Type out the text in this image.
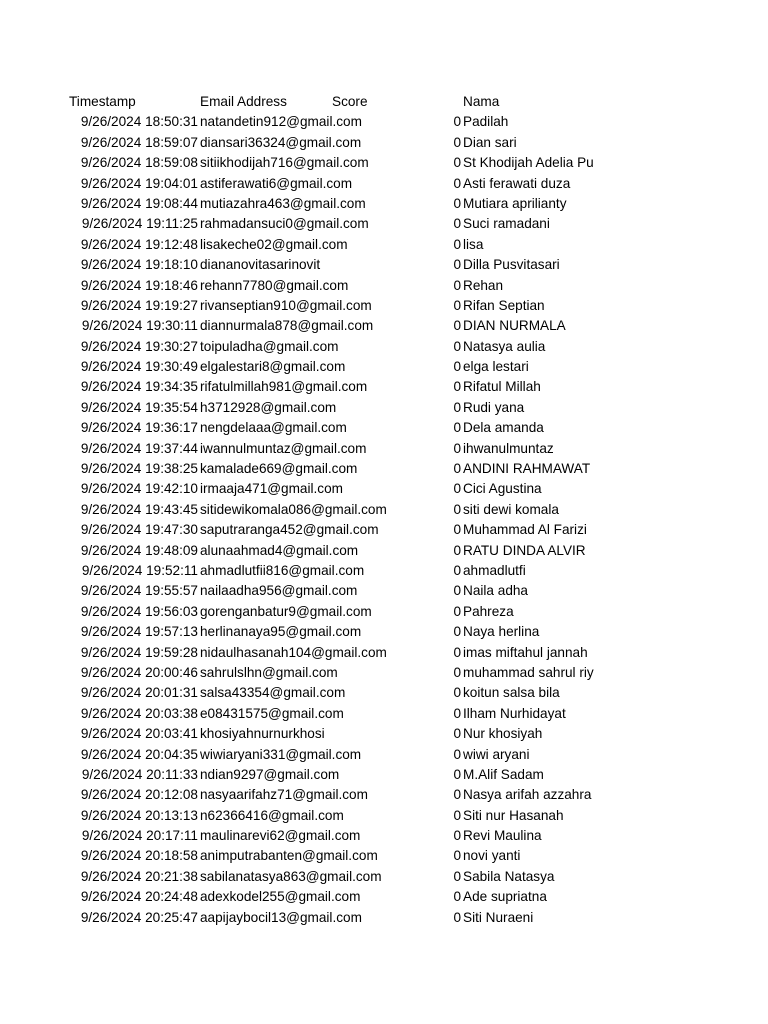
Timestamp	Email Address	Score	Nama
9/26/2024 18:50:31 natandetin912@gmail.com	0 Padilah
9/26/2024 18:59:07 diansari36324@gmail.com	0 Dian sari
9/26/2024 18:59:08 sitiikhodijah716@gmail.com	0 St Khodijah Adelia Pu
9/26/2024 19:04:01 astiferawati6@gmail.com	0 Asti ferawati duza
9/26/2024 19:08:44 mutiazahra463@gmail.com	0 Mutiara aprilianty
9/26/2024 19:11:25 rahmadansuci0@gmail.com	0 Suci ramadani
9/26/2024 19:12:48 lisakeche02@gmail.com	0 lisa
9/26/2024 19:18:10 diananovitasarinovit	0 Dilla Pusvitasari
9/26/2024 19:18:46 rehann7780@gmail.com	0 Rehan
9/26/2024 19:19:27 rivanseptian910@gmail.com	0 Rifan Septian
9/26/2024 19:30:11 diannurmala878@gmail.com	0 DIAN NURMALA
9/26/2024 19:30:27 toipuladha@gmail.com	0 Natasya aulia
9/26/2024 19:30:49 elgalestari8@gmail.com	0 elga lestari
9/26/2024 19:34:35 rifatulmillah981@gmail.com	0 Rifatul Millah
9/26/2024 19:35:54 h3712928@gmail.com	0 Rudi yana
9/26/2024 19:36:17 nengdelaaa@gmail.com	0 Dela amanda
9/26/2024 19:37:44 iwannulmuntaz@gmail.com	0 ihwanulmuntaz
9/26/2024 19:38:25 kamalade669@gmail.com	0 ANDINI RAHMAWAT
9/26/2024 19:42:10 irmaaja471@gmail.com	0 Cici Agustina
9/26/2024 19:43:45 sitidewikomala086@gmail.com	0 siti dewi komala
9/26/2024 19:47:30 saputraranga452@gmail.com	0 Muhammad Al Farizi
9/26/2024 19:48:09 alunaahmad4@gmail.com	0 RATU DINDA ALVIR
9/26/2024 19:52:11 ahmadlutfii816@gmail.com	0 ahmadlutfi
9/26/2024 19:55:57 nailaadha956@gmail.com	0 Naila adha
9/26/2024 19:56:03 gorenganbatur9@gmail.com	0 Pahreza
9/26/2024 19:57:13 herlinanaya95@gmail.com	0 Naya herlina
9/26/2024 19:59:28 nidaulhasanah104@gmail.com	0 imas miftahul jannah
9/26/2024 20:00:46 sahrulslhn@gmail.com	0 muhammad sahrul riy
9/26/2024 20:01:31 salsa43354@gmail.com	0 koitun salsa bila
9/26/2024 20:03:38 e08431575@gmail.com	0 Ilham Nurhidayat
9/26/2024 20:03:41 khosiyahnurnurkhosi	0 Nur khosiyah
9/26/2024 20:04:35 wiwiaryani331@gmail.com	0 wiwi aryani
9/26/2024 20:11:33 ndian9297@gmail.com	0 M.Alif Sadam
9/26/2024 20:12:08 nasyaarifahz71@gmail.com	0 Nasya arifah azzahra
9/26/2024 20:13:13 n62366416@gmail.com	0 Siti nur Hasanah
9/26/2024 20:17:11 maulinarevi62@gmail.com	0 Revi Maulina
9/26/2024 20:18:58 animputrabanten@gmail.com	0 novi yanti
9/26/2024 20:21:38 sabilanatasya863@gmail.com	0 Sabila Natasya
9/26/2024 20:24:48 adexkodel255@gmail.com	0 Ade supriatna
9/26/2024 20:25:47 aapijaybocil13@gmail.com	0 Siti Nuraeni
